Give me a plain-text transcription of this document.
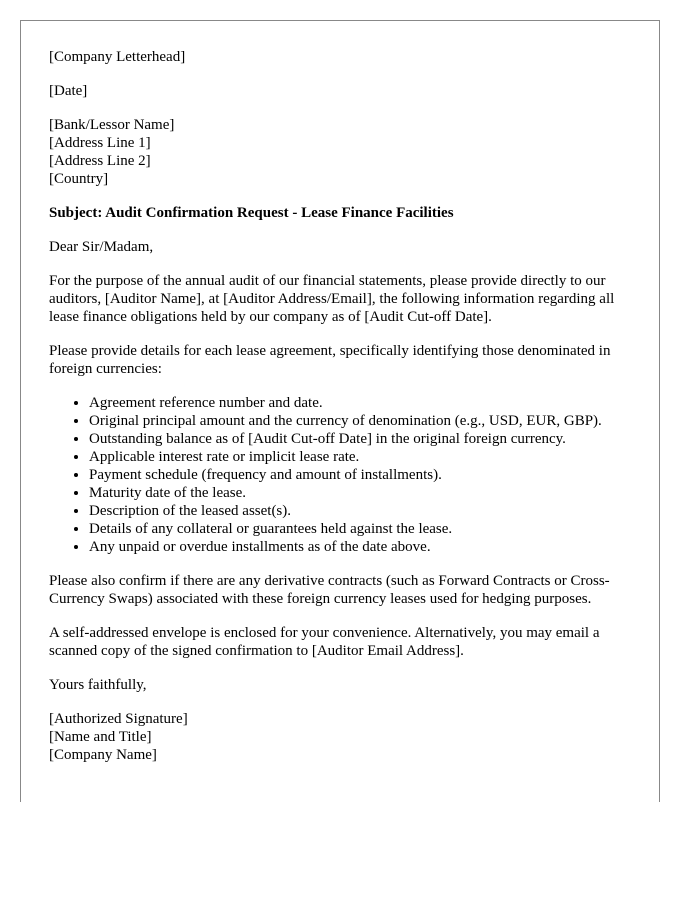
[Company Letterhead]

[Date]

[Bank/Lessor Name]
[Address Line 1]
[Address Line 2]
[Country]

Subject: Audit Confirmation Request - Lease Finance Facilities

Dear Sir/Madam,

For the purpose of the annual audit of our financial statements, please provide directly to our auditors, [Auditor Name], at [Auditor Address/Email], the following information regarding all lease finance obligations held by our company as of [Audit Cut-off Date].

Please provide details for each lease agreement, specifically identifying those denominated in foreign currencies:

• Agreement reference number and date.
• Original principal amount and the currency of denomination (e.g., USD, EUR, GBP).
• Outstanding balance as of [Audit Cut-off Date] in the original foreign currency.
• Applicable interest rate or implicit lease rate.
• Payment schedule (frequency and amount of installments).
• Maturity date of the lease.
• Description of the leased asset(s).
• Details of any collateral or guarantees held against the lease.
• Any unpaid or overdue installments as of the date above.

Please also confirm if there are any derivative contracts (such as Forward Contracts or Cross-Currency Swaps) associated with these foreign currency leases used for hedging purposes.

A self-addressed envelope is enclosed for your convenience. Alternatively, you may email a scanned copy of the signed confirmation to [Auditor Email Address].

Yours faithfully,

[Authorized Signature]
[Name and Title]
[Company Name]
